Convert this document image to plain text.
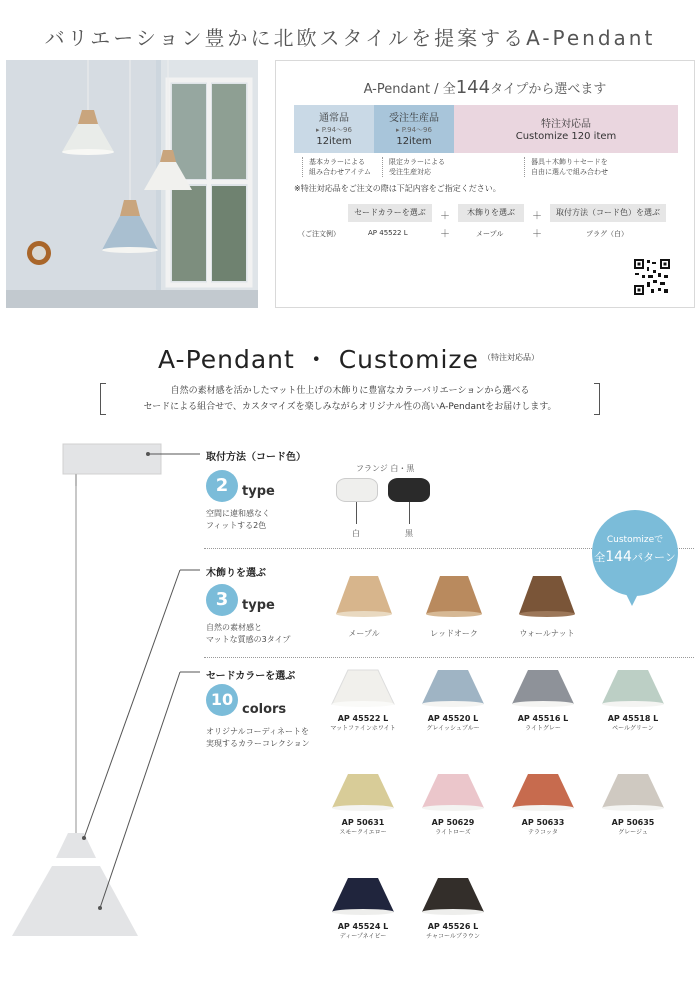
バリエーション豊かに北欧スタイルを提案するA-Pendant
A-Pendant / 全144タイプから選べます
通常品
▸ P.94～96
12item
受注生産品
▸ P.94～96
12item
特注対応品
Customize 120 item
基本カラーによる
組み合わせアイテム
限定カラーによる
受注生産対応
器具＋木飾り＋セードを
自由に選んで組み合わせ
※特注対応品をご注文の際は下記内容をご指定ください。
セードカラーを選ぶ	＋	木飾りを選ぶ	＋	取付方法（コード色）を選ぶ
（ご注文例）	AP 45522 L	＋	メープル	＋	プラグ（白）
A-Pendant ・ Customize （特注対応品）
自然の素材感を活かしたマット仕上げの木飾りに豊富なカラーバリエーションから選べる
セードによる組合せで、カスタマイズを楽しみながらオリジナル性の高いA-Pendantをお届けします。
取付方法（コード色）
2	type
空間に違和感なく
フィットする2色
フランジ 白・黒
白	黒
Customizeで
全144パターン
木飾りを選ぶ
3	type
自然の素材感と
マットな質感の3タイプ
メープル	レッドオーク	ウォールナット
セードカラーを選ぶ
10
colors
オリジナルコーディネートを
実現するカラーコレクション
AP 45522 L
マットファインホワイト
AP 45520 L
グレイッシュブルー
AP 45516 L
ライトグレー
AP 45518 L
ペールグリーン
AP 50631
スモークイエロー
AP 50629
ライトローズ
AP 50633
テラコッタ
AP 50635
グレージュ
AP 45524 L
ディープネイビー
AP 45526 L
チャコールブラウン
